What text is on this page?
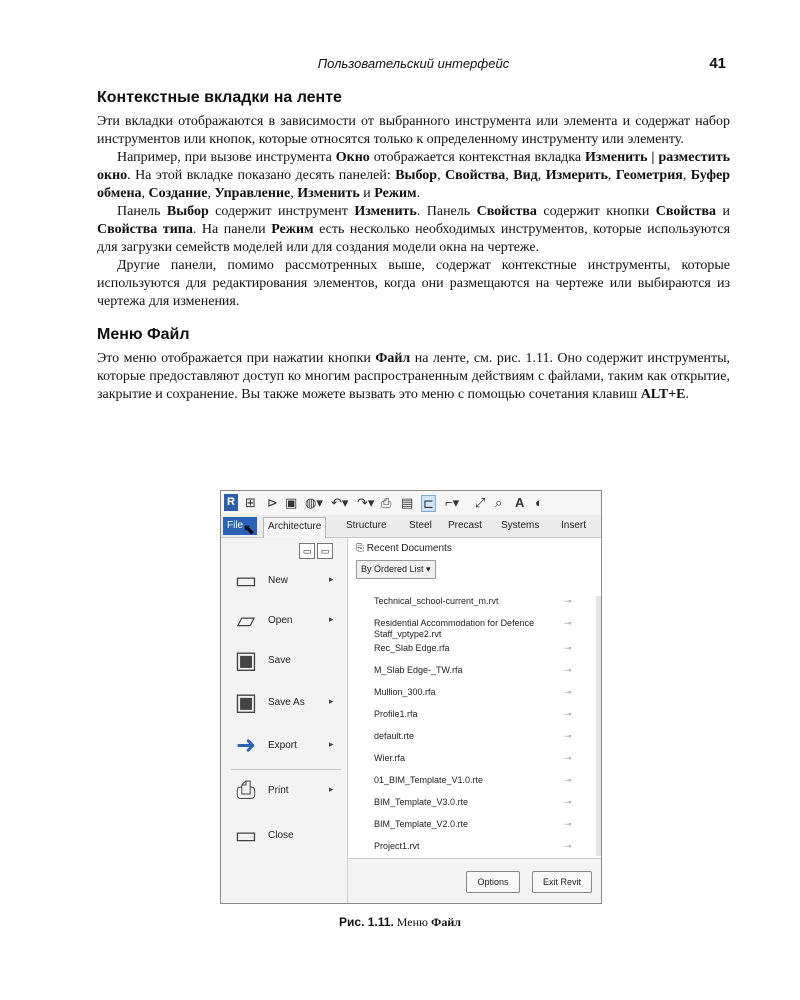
Пользовательский интерфейс	41
Контекстные вкладки на ленте

Эти вкладки отображаются в зависимости от выбранного инструмента или элемента и содержат набор инструментов или кнопок, которые относятся только к определенному инструменту или элементу.

Например, при вызове инструмента Окно отображается контекстная вкладка Изменить | разместить окно. На этой вкладке показано десять панелей: Выбор, Свойства, Вид, Измерить, Геометрия, Буфер обмена, Создание, Управление, Изменить и Режим.

Панель Выбор содержит инструмент Изменить. Панель Свойства содержит кнопки Свойства и Свойства типа. На панели Режим есть несколько необходимых инструментов, которые используются для загрузки семейств моделей или для создания модели окна на чертеже.

Другие панели, помимо рассмотренных выше, содержат контекстные инструменты, которые используются для редактирования элементов, когда они размещаются на чертеже или выбираются из чертежа для изменения.

Меню Файл

Это меню отображается при нажатии кнопки Файл на ленте, см. рис. 1.11. Оно содержит инструменты, которые предоставляют доступ ко многим распространенным действиям с файлами, таким как открытие, закрытие и сохранение. Вы также можете вызвать это меню с помощью сочетания клавиш ALT+E.

R ⊞ ⊳ ▣ ◍▾ ↶▾ ↷▾ ⎙ ▤ ⊏ ⌐▾ ⤢ ⌕ A ◐
File	Architecture	Structure Steel Precast Systems Insert
⬉
▭ ▭
▭	New	▸
▱	Open	▸
▣	Save
▣	Save As	▸
➜	Export	▸
⎙	Print	▸
▭	Close
⎘ Recent Documents
By Ordered List ▾
Technical_school-current_m.rvt	⊸
Residential Accommodation for Defence Staff_vptype2.rvt
⊸
Rec_Slab Edge.rfa	⊸
M_Slab Edge-_TW.rfa	⊸
Mullion_300.rfa	⊸
Profile1.rfa	⊸
default.rte	⊸
Wier.rfa	⊸
01_BIM_Template_V1.0.rte	⊸
BIM_Template_V3.0.rte	⊸
BIM_Template_V2.0.rte	⊸
Project1.rvt	⊸
Options	Exit Revit
Рис. 1.11. Меню Файл
